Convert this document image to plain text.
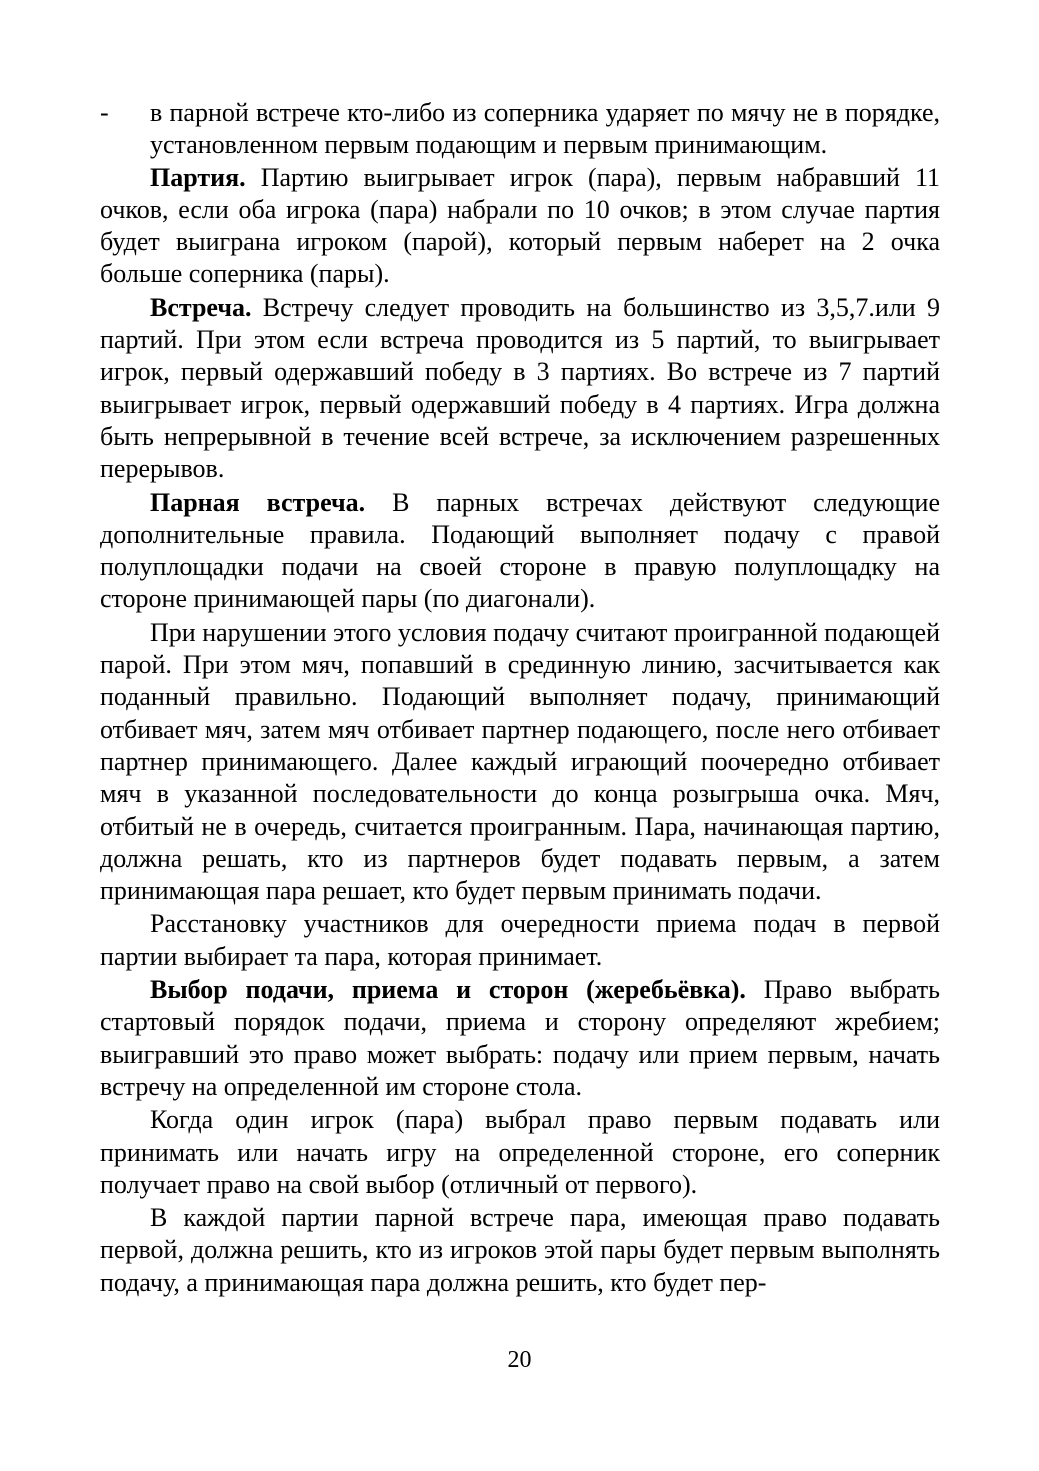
-	в парной встрече кто-либо из соперника ударяет по мячу не в порядке, установленном первым подающим и первым принимающим.

Партия. Партию выигрывает игрок (пара), первым набравший 11 очков, если оба игрока (пара) набрали по 10 очков; в этом случае партия будет выиграна игроком (парой), который первым наберет на 2 очка больше соперника (пары).

Встреча. Встречу следует проводить на большинство из 3,5,7.или 9 партий. При этом если встреча проводится из 5 партий, то выигрывает игрок, первый одержавший победу в 3 партиях. Во встрече из 7 партий выигрывает игрок, первый одержавший победу в 4 партиях. Игра должна быть непрерывной в течение всей встрече, за исключением разрешенных перерывов.

Парная встреча. В парных встречах действуют следующие дополнительные правила. Подающий выполняет подачу с правой полуплощадки подачи на своей стороне в правую полуплощадку на стороне принимающей пары (по диагонали).

При нарушении этого условия подачу считают проигранной подающей парой. При этом мяч, попавший в срединную линию, засчитывается как поданный правильно. Подающий выполняет подачу, принимающий отбивает мяч, затем мяч отбивает партнер подающего, после него отбивает партнер принимающего. Далее каждый играющий поочередно отбивает мяч в указанной последовательности до конца розыгрыша очка. Мяч, отбитый не в очередь, считается проигранным. Пара, начинающая партию, должна решать, кто из партнеров будет подавать первым, а затем принимающая пара решает, кто будет первым принимать подачи.

Расстановку участников для очередности приема подач в первой партии выбирает та пара, которая принимает.

Выбор подачи, приема и сторон (жеребьёвка). Право выбрать стартовый порядок подачи, приема и сторону определяют жребием; выигравший это право может выбрать: подачу или прием первым, начать встречу на определенной им стороне стола.

Когда один игрок (пара) выбрал право первым подавать или принимать или начать игру на определенной стороне, его соперник получает право на свой выбор (отличный от первого).

В каждой партии парной встрече пара, имеющая право подавать первой, должна решить, кто из игроков этой пары будет первым выполнять подачу, а принимающая пара должна решить, кто будет пер-

20
